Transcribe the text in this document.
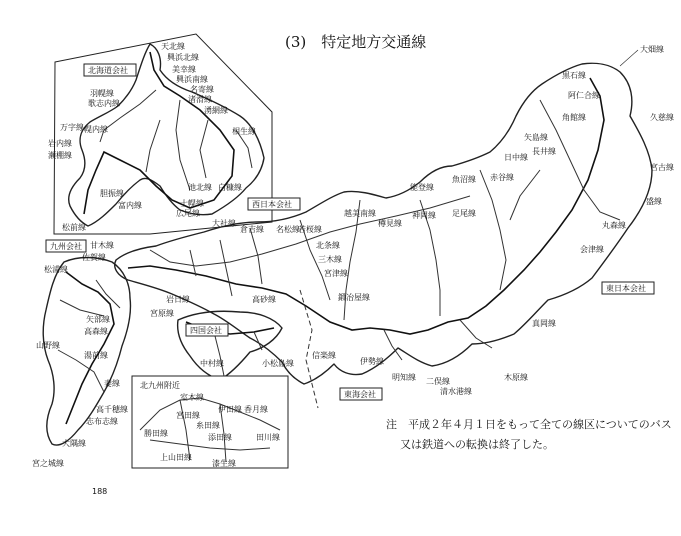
(3)　特定地方交通線
北海道会社
天北線
興浜北線
美幸線
興浜南線
名寄線
渚滑線
湧網線
相生線
池北線 白糠線
士幌線
広尾線
富内線
胆振線
歌志内線
羽幌線
幌内線
万字線
瀬棚線
岩内線
松前線
西日本会社
九州会社
四国会社
東海会社
東日本会社
大畑線
黒石線
阿仁合線
久慈線
角館線
矢島線
長井線
日中線
宮古線
盛線
丸森線
会津線
赤谷線
魚沼線
足尾線
真岡線
木原線
清水港線
二俣線
明知線
樽見線
神岡線
越美南線
能登線
伊勢線
大社線
倉吉線	若桜線
北条線
三木線
宮津線
鍛冶屋線
名松線
岩日線
宮原線
高砂線
中村線	小松島線
信楽線
松浦線
甘木線
佐賀線
矢部線
高森線
山野線
湯前線
妻線
高千穂線
志布志線
大隅線
宮之城線
北九州附近
室木線
宮田線
漆生線
添田線
伊田線
上山田線
勝田線
香月線
糸田線
田川線
注　平成２年４月１日をもって全ての線区についてのバス
又は鉄道への転換は終了した。
188
